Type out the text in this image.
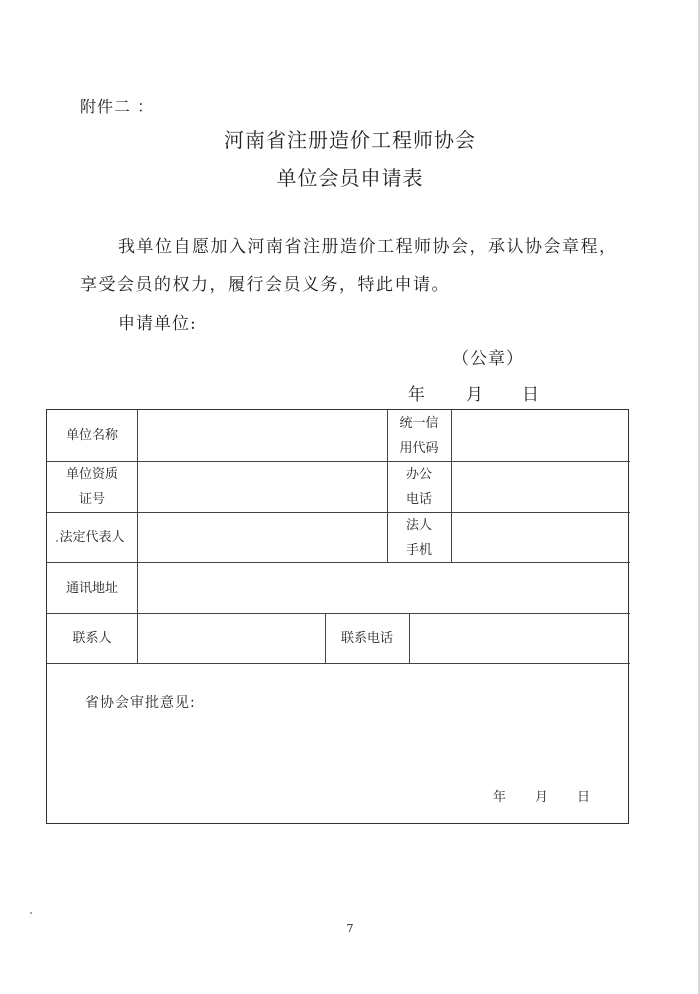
附件二 ：
河南省注册造价工程师协会
单位会员申请表
我单位自愿加入河南省注册造价工程师协会，承认协会章程，
享受会员的权力，履行会员义务，特此申请。
申请单位:
（公章）
年 月 日
单位名称
统一信
用代码
单位资质
证号
办公
电话
法定代表人
法人
手机
通讯地址
联系人	联系电话
省协会审批意见:
年 月 日
7
